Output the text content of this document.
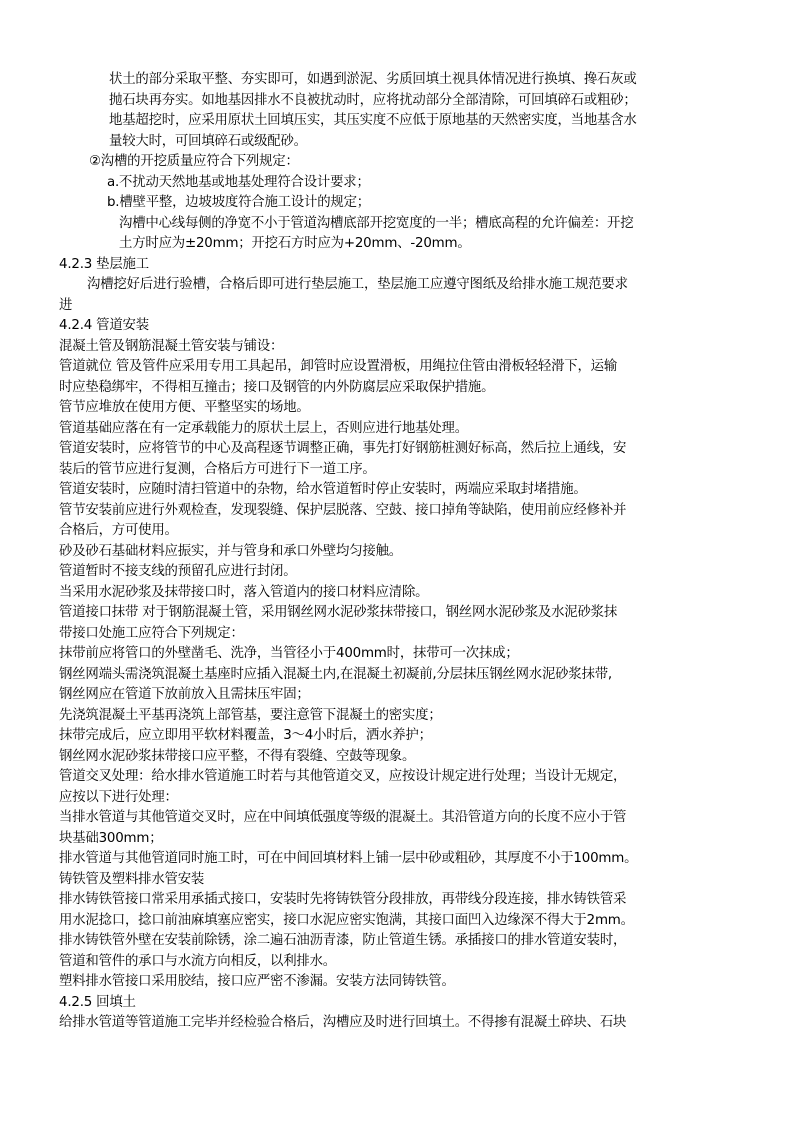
状土的部分采取平整、夯实即可，如遇到淤泥、劣质回填土视具体情况进行换填、搀石灰或
抛石块再夯实。如地基因排水不良被扰动时，应将扰动部分全部清除，可回填碎石或粗砂；
地基超挖时，应采用原状土回填压实，其压实度不应低于原地基的天然密实度，当地基含水
量较大时，可回填碎石或级配砂。
②沟槽的开挖质量应符合下列规定：
a.不扰动天然地基或地基处理符合设计要求；
b.槽壁平整，边坡坡度符合施工设计的规定；
沟槽中心线每侧的净宽不小于管道沟槽底部开挖宽度的一半；槽底高程的允许偏差：开挖
土方时应为±20mm；开挖石方时应为+20mm、-20mm。
4.2.3 垫层施工
沟槽挖好后进行验槽，合格后即可进行垫层施工，垫层施工应遵守图纸及给排水施工规范要求
进
4.2.4 管道安装
混凝土管及钢筋混凝土管安装与铺设：
管道就位 管及管件应采用专用工具起吊，卸管时应设置滑板，用绳拉住管由滑板轻轻滑下，运输
时应垫稳绑牢，不得相互撞击；接口及钢管的内外防腐层应采取保护措施。
管节应堆放在使用方便、平整坚实的场地。
管道基础应落在有一定承载能力的原状土层上，否则应进行地基处理。
管道安装时，应将管节的中心及高程逐节调整正确，事先打好钢筋桩测好标高，然后拉上通线，安
装后的管节应进行复测，合格后方可进行下一道工序。
管道安装时，应随时清扫管道中的杂物，给水管道暂时停止安装时，两端应采取封堵措施。
管节安装前应进行外观检查，发现裂缝、保护层脱落、空鼓、接口掉角等缺陷，使用前应经修补并
合格后，方可使用。
砂及砂石基础材料应振实，并与管身和承口外壁均匀接触。
管道暂时不接支线的预留孔应进行封闭。
当采用水泥砂浆及抹带接口时，落入管道内的接口材料应清除。
管道接口抹带 对于钢筋混凝土管，采用钢丝网水泥砂浆抹带接口，钢丝网水泥砂浆及水泥砂浆抹
带接口处施工应符合下列规定：
抹带前应将管口的外壁凿毛、洗净，当管径小于400mm时，抹带可一次抹成；
钢丝网端头需浇筑混凝土基座时应插入混凝土内,在混凝土初凝前,分层抹压钢丝网水泥砂浆抹带,
钢丝网应在管道下放前放入且需抹压牢固；
先浇筑混凝土平基再浇筑上部管基，要注意管下混凝土的密实度；
抹带完成后，应立即用平软材料覆盖，3～4小时后，洒水养护；
钢丝网水泥砂浆抹带接口应平整，不得有裂缝、空鼓等现象。
管道交叉处理：给水排水管道施工时若与其他管道交叉，应按设计规定进行处理；当设计无规定，
应按以下进行处理：
当排水管道与其他管道交叉时，应在中间填低强度等级的混凝土。其沿管道方向的长度不应小于管
块基础300mm；
排水管道与其他管道同时施工时，可在中间回填材料上铺一层中砂或粗砂，其厚度不小于100mm。
铸铁管及塑料排水管安装
排水铸铁管接口常采用承插式接口，安装时先将铸铁管分段排放，再带线分段连接，排水铸铁管采
用水泥捻口，捻口前油麻填塞应密实，接口水泥应密实饱满，其接口面凹入边缘深不得大于2mm。
排水铸铁管外壁在安装前除锈，涂二遍石油沥青漆，防止管道生锈。承插接口的排水管道安装时，
管道和管件的承口与水流方向相反，以利排水。
塑料排水管接口采用胶结，接口应严密不渗漏。安装方法同铸铁管。
4.2.5 回填土
给排水管道等管道施工完毕并经检验合格后，沟槽应及时进行回填土。不得掺有混凝土碎块、石块
